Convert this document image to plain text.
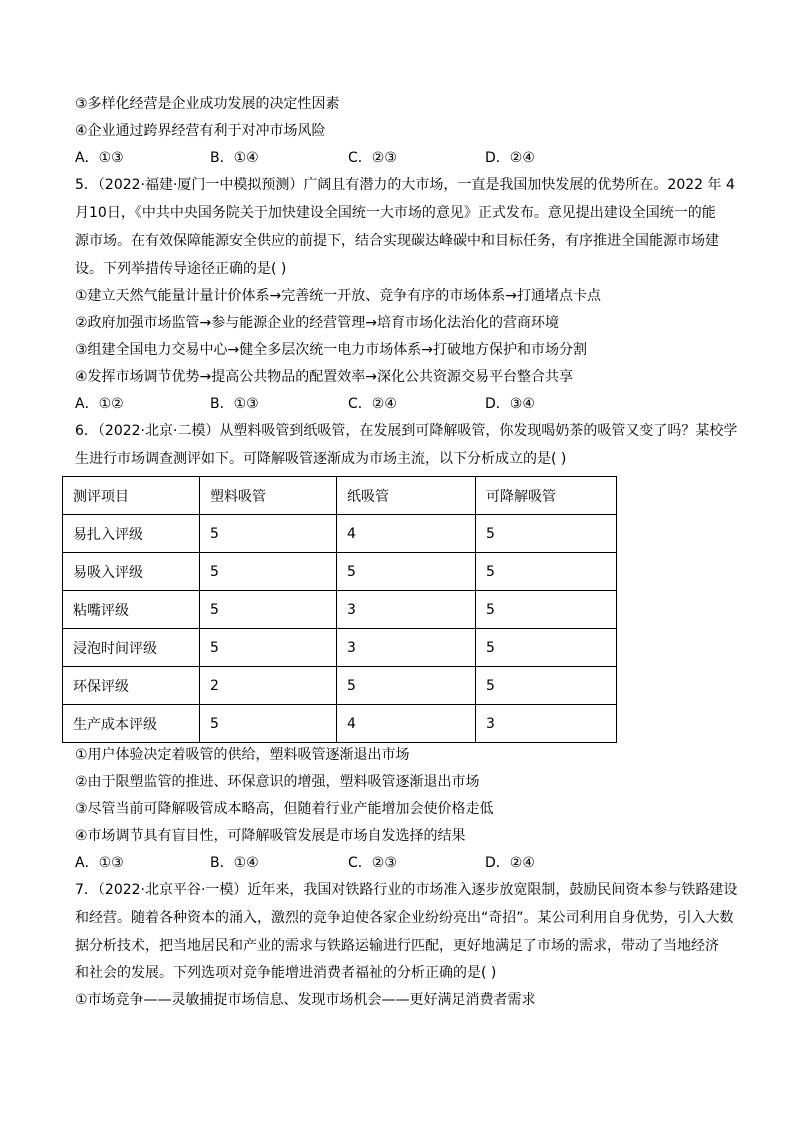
③多样化经营是企业成功发展的决定性因素
④企业通过跨界经营有利于对冲市场风险
A．①③	B．①④	C．②③	D．②④
5．（2022·福建·厦门一中模拟预测）广阔且有潜力的大市场，一直是我国加快发展的优势所在。2022 年 4
月10日，《中共中央国务院关于加快建设全国统一大市场的意见》正式发布。意见提出建设全国统一的能
源市场。在有效保障能源安全供应的前提下，结合实现碳达峰碳中和目标任务，有序推进全国能源市场建
设。下列举措传导途径正确的是( )
①建立天然气能量计量计价体系→完善统一开放、竞争有序的市场体系→打通堵点卡点
②政府加强市场监管→参与能源企业的经营管理→培育市场化法治化的营商环境
③组建全国电力交易中心→健全多层次统一电力市场体系→打破地方保护和市场分割
④发挥市场调节优势→提高公共物品的配置效率→深化公共资源交易平台整合共享
A．①②	B．①③	C．②④	D．③④
6．（2022·北京·二模）从塑料吸管到纸吸管，在发展到可降解吸管，你发现喝奶茶的吸管又变了吗？某校学
生进行市场调查测评如下。可降解吸管逐渐成为市场主流，以下分析成立的是( )
测评项目	塑料吸管	纸吸管	可降解吸管
易扎入评级	5	4	5
易吸入评级	5	5	5
粘嘴评级	5	3	5
浸泡时间评级	5	3	5
环保评级	2	5	5
生产成本评级	5	4	3
①用户体验决定着吸管的供给，塑料吸管逐渐退出市场
②由于限塑监管的推进、环保意识的增强，塑料吸管逐渐退出市场
③尽管当前可降解吸管成本略高，但随着行业产能增加会使价格走低
④市场调节具有盲目性，可降解吸管发展是市场自发选择的结果
A．①③	B．①④	C．②③	D．②④
7．（2022·北京平谷·一模）近年来，我国对铁路行业的市场准入逐步放宽限制，鼓励民间资本参与铁路建设
和经营。随着各种资本的涌入，激烈的竞争迫使各家企业纷纷亮出“奇招”。某公司利用自身优势，引入大数
据分析技术，把当地居民和产业的需求与铁路运输进行匹配，更好地满足了市场的需求，带动了当地经济
和社会的发展。下列选项对竞争能增进消费者福祉的分析正确的是( )
①市场竞争——灵敏捕捉市场信息、发现市场机会——更好满足消费者需求
